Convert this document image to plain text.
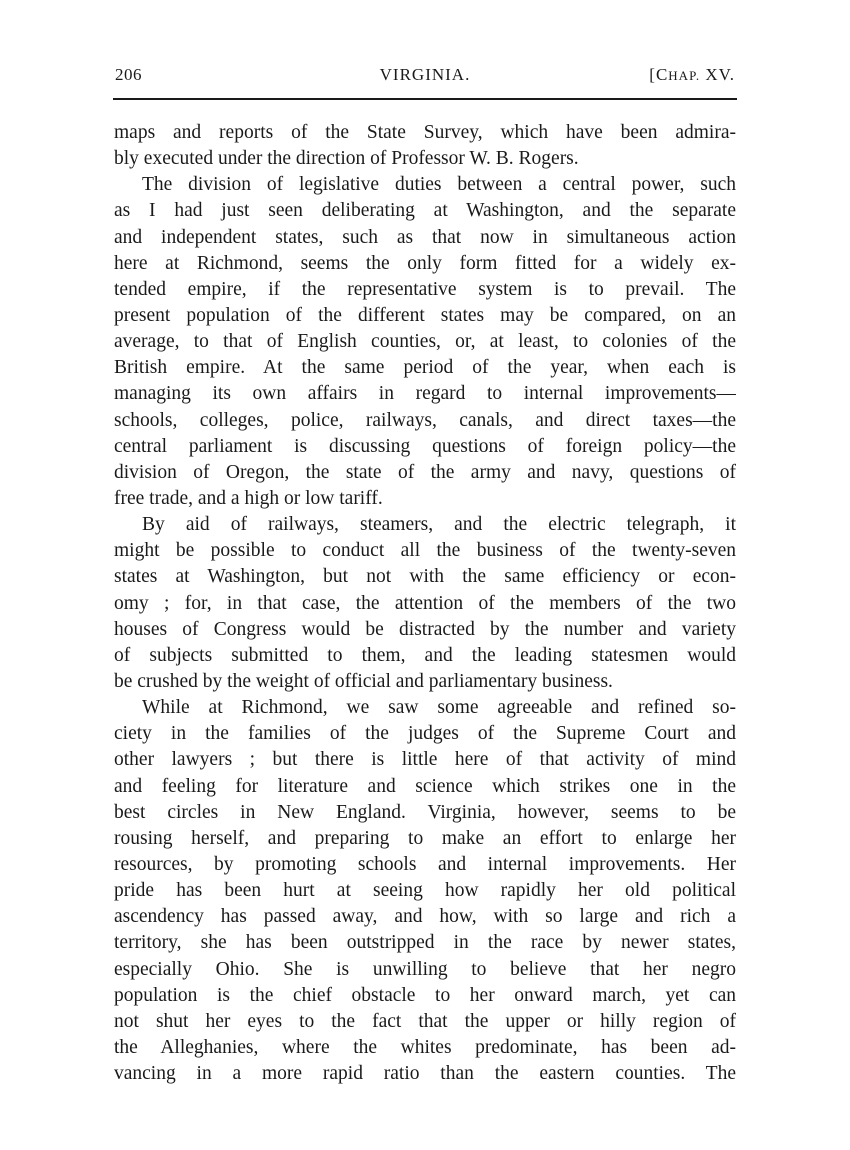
206	VIRGINIA.	[CHAP. XV.
maps and reports of the State Survey, which have been admira-
bly executed under the direction of Professor W. B. Rogers.
The division of legislative duties between a central power, such
as I had just seen deliberating at Washington, and the separate
and independent states, such as that now in simultaneous action
here at Richmond, seems the only form fitted for a widely ex-
tended empire, if the representative system is to prevail. The
present population of the different states may be compared, on an
average, to that of English counties, or, at least, to colonies of the
British empire. At the same period of the year, when each is
managing its own affairs in regard to internal improvements—
schools, colleges, police, railways, canals, and direct taxes—the
central parliament is discussing questions of foreign policy—the
division of Oregon, the state of the army and navy, questions of
free trade, and a high or low tariff.
By aid of railways, steamers, and the electric telegraph, it
might be possible to conduct all the business of the twenty-seven
states at Washington, but not with the same efficiency or econ-
omy ; for, in that case, the attention of the members of the two
houses of Congress would be distracted by the number and variety
of subjects submitted to them, and the leading statesmen would
be crushed by the weight of official and parliamentary business.
While at Richmond, we saw some agreeable and refined so-
ciety in the families of the judges of the Supreme Court and
other lawyers ; but there is little here of that activity of mind
and feeling for literature and science which strikes one in the
best circles in New England. Virginia, however, seems to be
rousing herself, and preparing to make an effort to enlarge her
resources, by promoting schools and internal improvements. Her
pride has been hurt at seeing how rapidly her old political
ascendency has passed away, and how, with so large and rich a
territory, she has been outstripped in the race by newer states,
especially Ohio. She is unwilling to believe that her negro
population is the chief obstacle to her onward march, yet can
not shut her eyes to the fact that the upper or hilly region of
the Alleghanies, where the whites predominate, has been ad-
vancing in a more rapid ratio than the eastern counties. The
